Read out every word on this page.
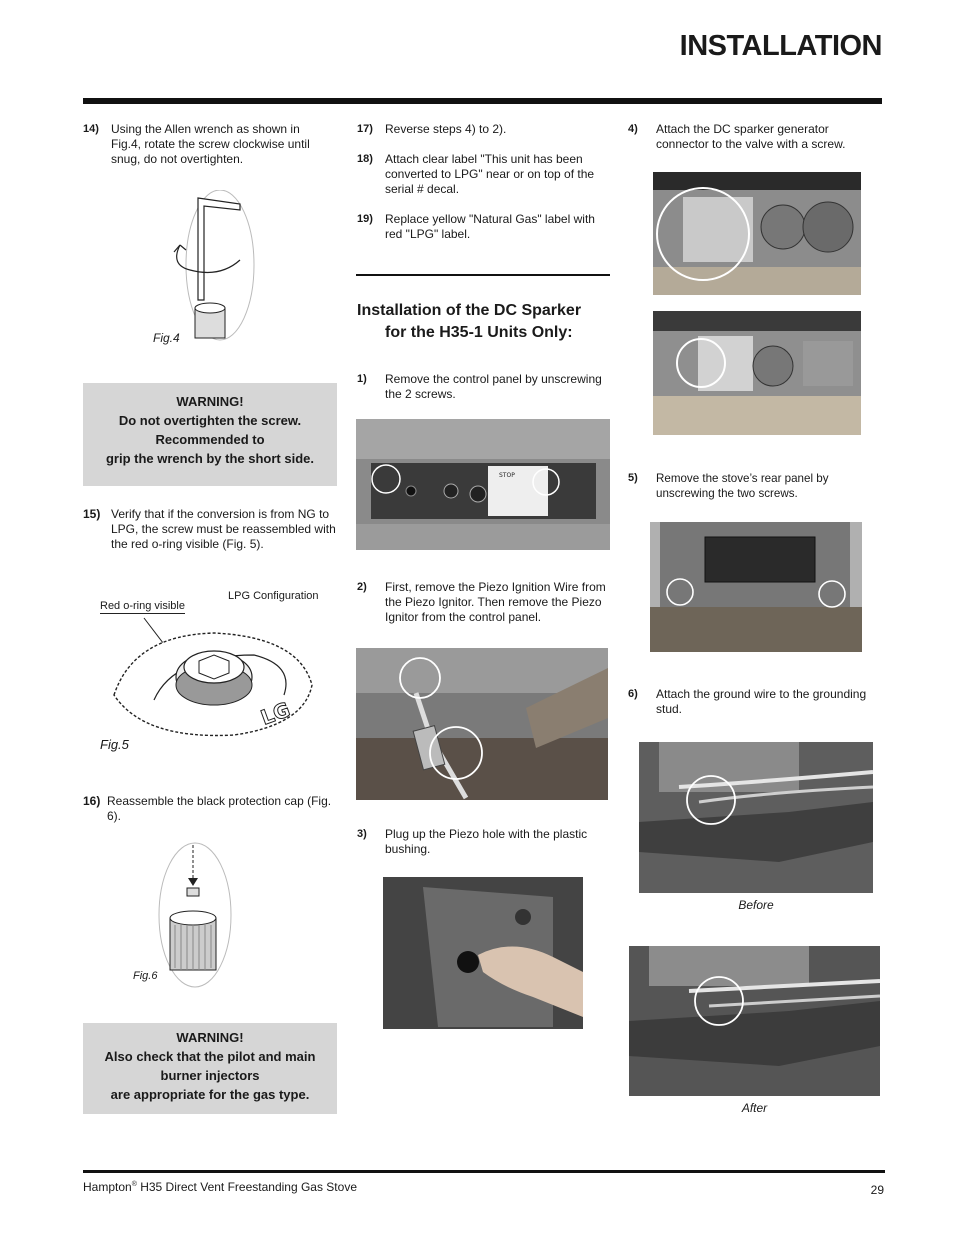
INSTALLATION
14) Using the Allen wrench as shown in Fig.4, rotate the screw clockwise until snug, do not overtighten.
Fig.4
WARNING!
Do not overtighten the screw.
Recommended to
grip the wrench by the short side.
15) Verify that if the conversion is from NG to LPG, the screw must be reassembled with the red o-ring visible (Fig. 5).
LPG Configuration
Red o-ring visible
LG
Fig.5
16) Reassemble the black protection cap (Fig. 6).
Fig.6
WARNING!
Also check that the pilot and main
burner injectors
are appropriate for the gas type.
17) Reverse steps 4) to 2).
18) Attach clear label "This unit has been converted to LPG" near or on top of the serial # decal.
19) Replace yellow "Natural Gas" label with red "LPG" label.
Installation of the DC Sparker
for the H35-1 Units Only:
1) Remove the control panel by unscrewing the 2 screws.
STOP
2) First, remove the Piezo Ignition Wire from the Piezo Ignitor. Then remove the Piezo Ignitor from the control panel.
3) Plug up the Piezo hole with the plastic bushing.
4) Attach the DC sparker generator connector to the valve with a screw.
5) Remove the stove’s rear panel by unscrewing the two screws.
6) Attach the ground wire to the grounding stud.
Before
After
Hampton® H35 Direct Vent Freestanding Gas Stove	29
